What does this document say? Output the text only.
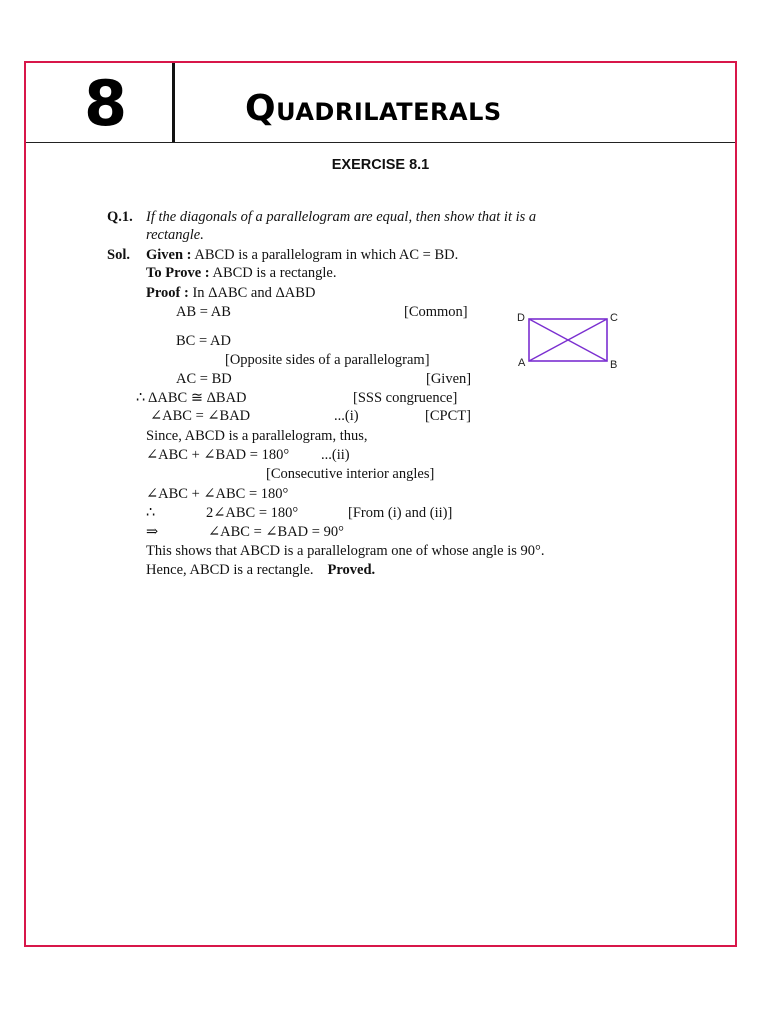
8	QUADRILATERALS
EXERCISE 8.1
Q.1. If the diagonals of a parallelogram are equal, then show that it is a
rectangle.
Sol. Given : ABCD is a parallelogram in which AC = BD.
To Prove : ABCD is a rectangle.
Proof : In ΔABC and ΔABD
AB = AB	[Common]
BC = AD
[Opposite sides of a parallelogram]
AC = BD	[Given]
∴ ΔABC ≅ ΔBAD	[SSS congruence]
∠ABC = ∠BAD	...(i)	[CPCT]
Since, ABCD is a parallelogram, thus,
∠ABC + ∠BAD = 180° ...(ii)
[Consecutive interior angles]
∠ABC + ∠ABC = 180°
∴	2∠ABC = 180°	[From (i) and (ii)]
⇒	∠ABC = ∠BAD = 90°
This shows that ABCD is a parallelogram one of whose angle is 90°.
Hence, ABCD is a rectangle. Proved.
D	C
A	B
